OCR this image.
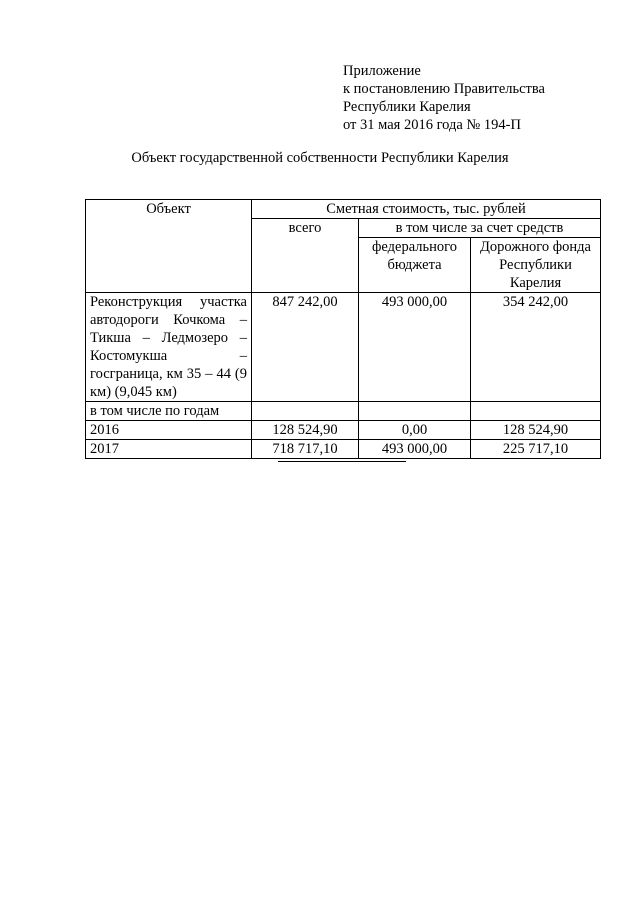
Приложение
к постановлению Правительства
Республики Карелия
от 31 мая 2016 года № 194-П
Объект государственной собственности Республики Карелия
Объект	Сметная стоимость, тыс. рублей		
	всего	в том числе за счет средств	
		федерального бюджета	Дорожного фонда Республики Карелия
Реконструкция участка автодороги Кочкома – Тикша – Ледмозеро – Костомукша – госграница, км 35 – 44 (9 км) (9,045 км)	847 242,00	493 000,00	354 242,00
в том числе по годам			
2016	128 524,90	0,00	128 524,90
2017	718 717,10	493 000,00	225 717,10
